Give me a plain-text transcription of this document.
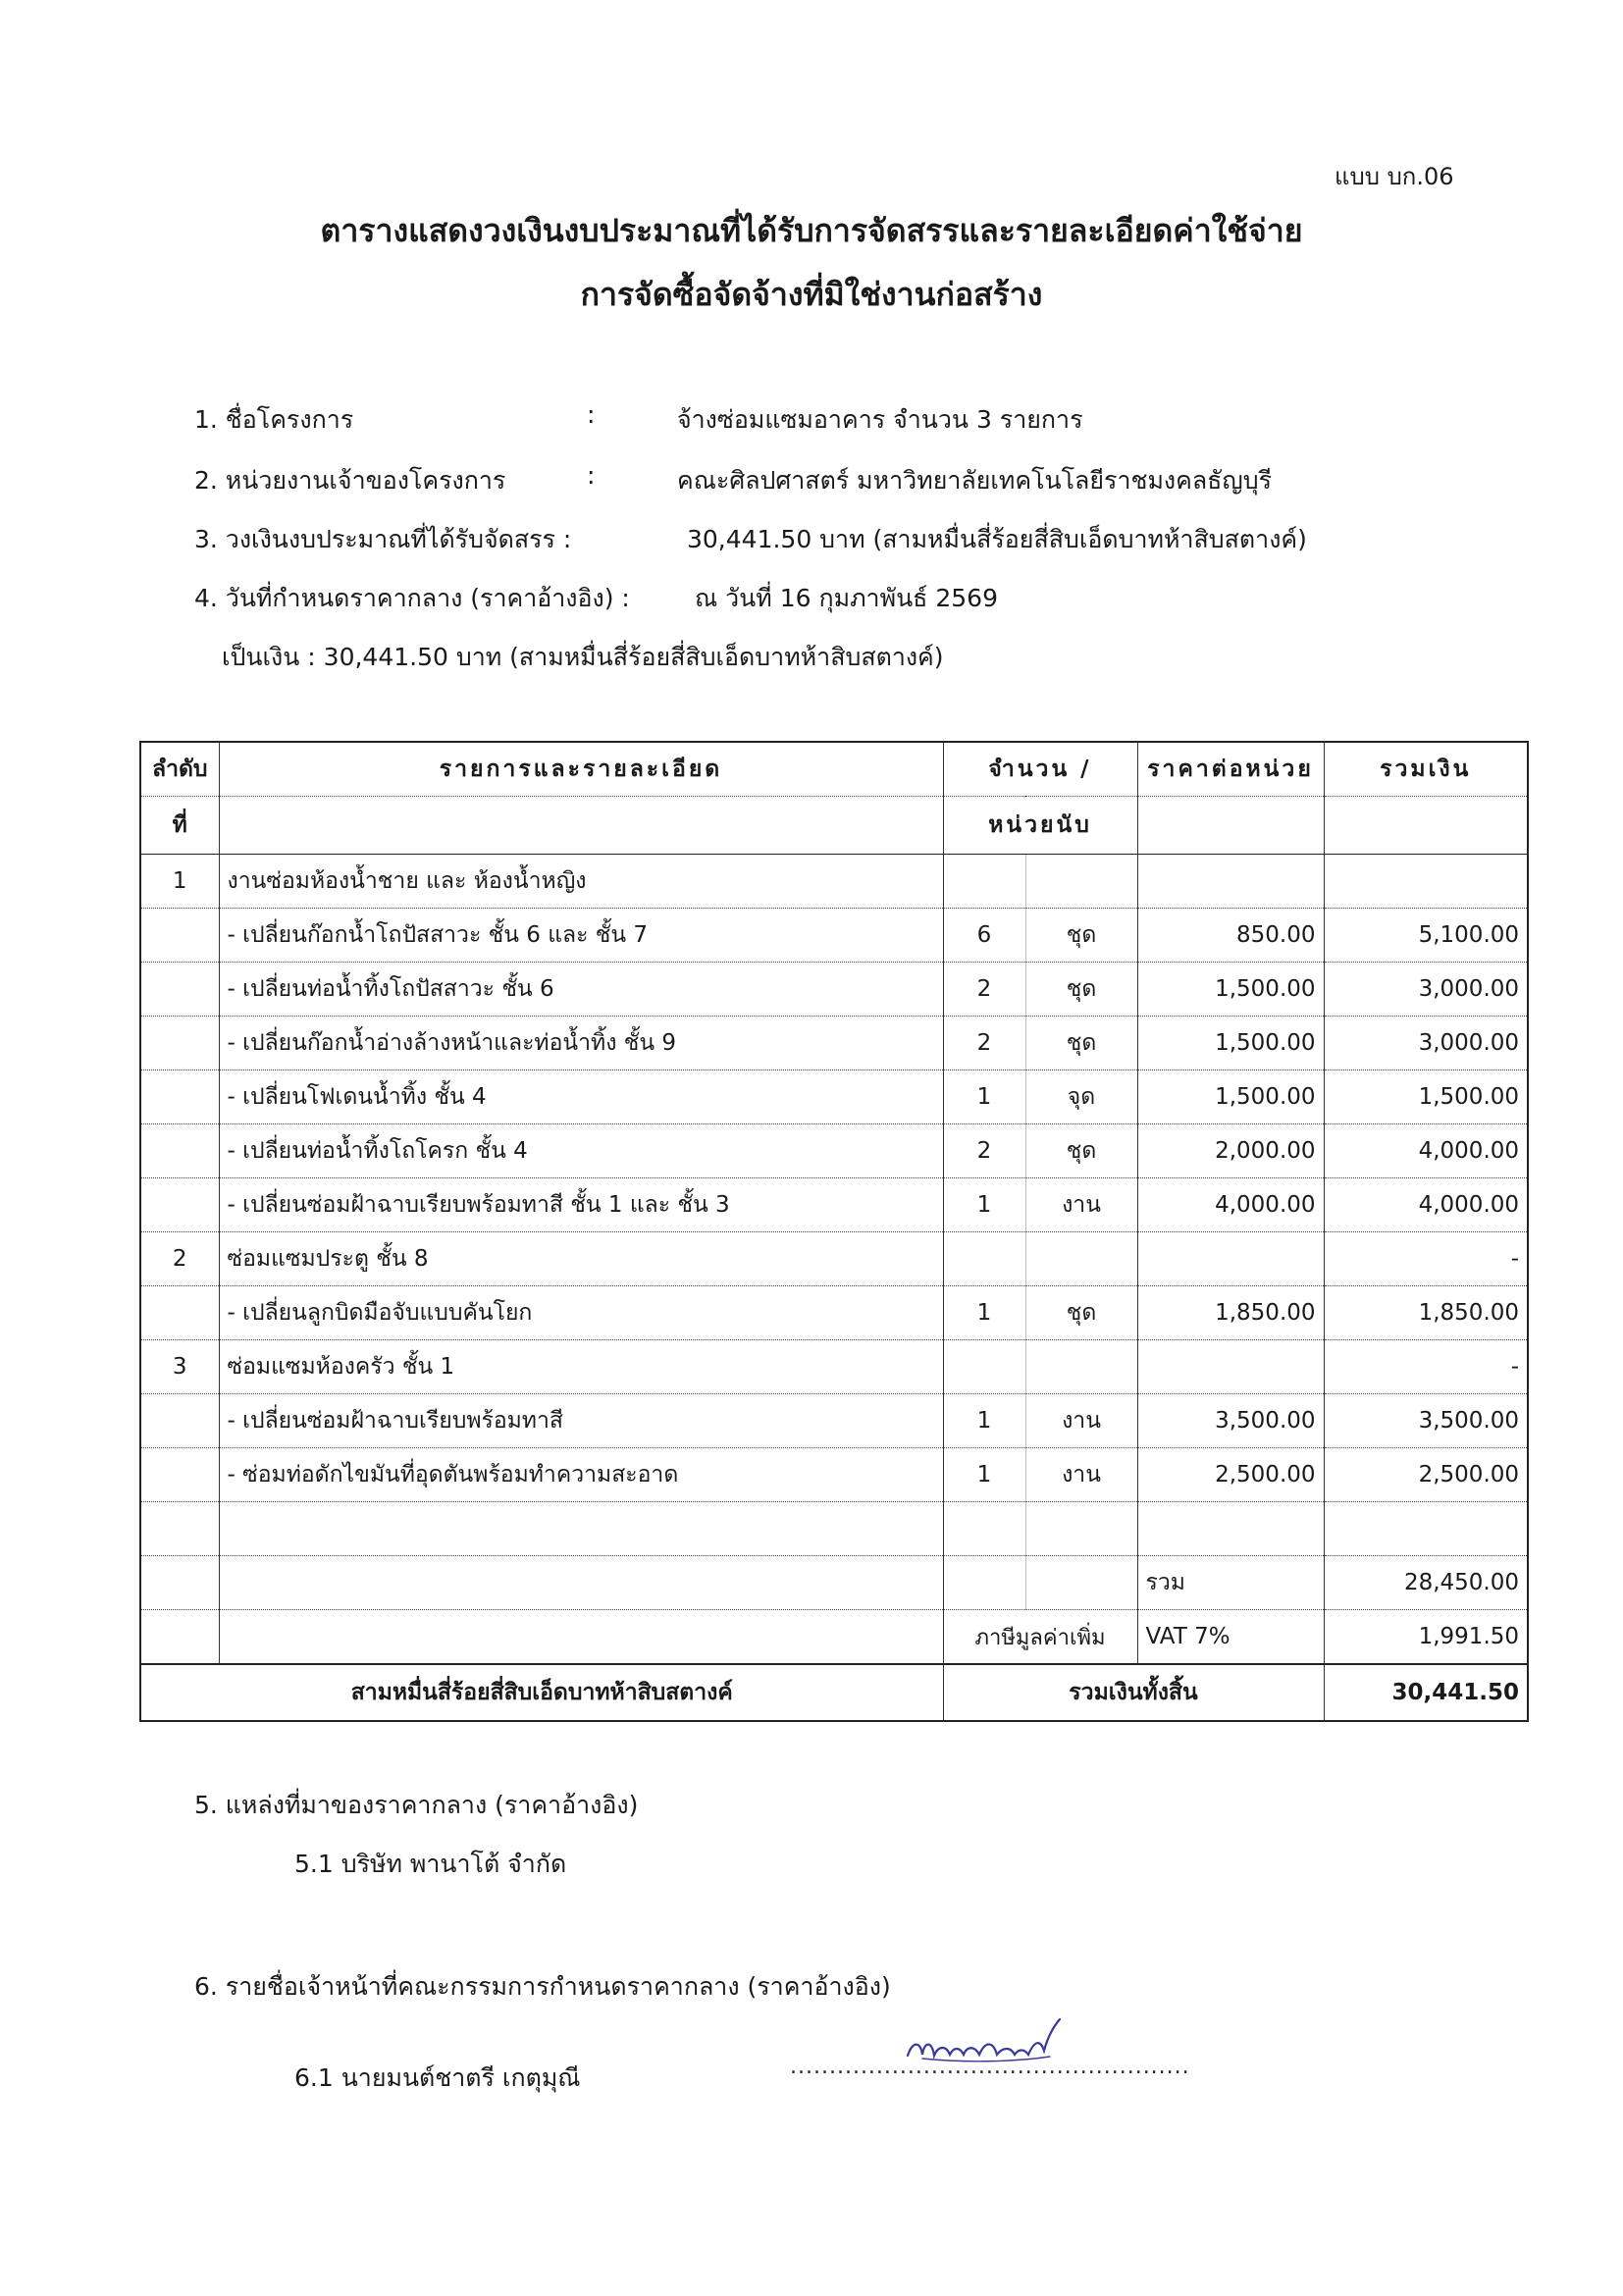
แบบ บก.06
ตารางแสดงวงเงินงบประมาณที่ได้รับการจัดสรรและรายละเอียดค่าใช้จ่าย
การจัดซื้อจัดจ้างที่มิใช่งานก่อสร้าง
1. ชื่อโครงการ	:	จ้างซ่อมแซมอาคาร จำนวน 3 รายการ
2. หน่วยงานเจ้าของโครงการ	:	คณะศิลปศาสตร์ มหาวิทยาลัยเทคโนโลยีราชมงคลธัญบุรี
3. วงเงินงบประมาณที่ได้รับจัดสรร :	30,441.50 บาท (สามหมื่นสี่ร้อยสี่สิบเอ็ดบาทห้าสิบสตางค์)
4. วันที่กำหนดราคากลาง (ราคาอ้างอิง) :	ณ วันที่ 16 กุมภาพันธ์ 2569
เป็นเงิน : 30,441.50 บาท (สามหมื่นสี่ร้อยสี่สิบเอ็ดบาทห้าสิบสตางค์)
ลำดับ	รายการและรายละเอียด	จำนวน /		ราคาต่อหน่วย	รวมเงิน
ที่		หน่วยนับ			
1	งานซ่อมห้องน้ำชาย และ ห้องน้ำหญิง				
	- เปลี่ยนก๊อกน้ำโถปัสสาวะ ชั้น 6 และ ชั้น 7	6	ชุด	850.00	5,100.00
	- เปลี่ยนท่อน้ำทิ้งโถปัสสาวะ ชั้น 6	2	ชุด	1,500.00	3,000.00
	- เปลี่ยนก๊อกน้ำอ่างล้างหน้าและท่อน้ำทิ้ง ชั้น 9	2	ชุด	1,500.00	3,000.00
	- เปลี่ยนโฟเดนน้ำทิ้ง ชั้น 4	1	จุด	1,500.00	1,500.00
	- เปลี่ยนท่อน้ำทิ้งโถโครก ชั้น 4	2	ชุด	2,000.00	4,000.00
	- เปลี่ยนซ่อมฝ้าฉาบเรียบพร้อมทาสี ชั้น 1 และ ชั้น 3	1	งาน	4,000.00	4,000.00
2	ซ่อมแซมประตู ชั้น 8				-
	- เปลี่ยนลูกบิดมือจับแบบคันโยก	1	ชุด	1,850.00	1,850.00
3	ซ่อมแซมห้องครัว ชั้น 1				-
	- เปลี่ยนซ่อมฝ้าฉาบเรียบพร้อมทาสี	1	งาน	3,500.00	3,500.00
	- ซ่อมท่อดักไขมันที่อุดตันพร้อมทำความสะอาด	1	งาน	2,500.00	2,500.00

				รวม	28,450.00
		ภาษีมูลค่าเพิ่ม		VAT 7%	1,991.50
สามหมื่นสี่ร้อยสี่สิบเอ็ดบาทห้าสิบสตางค์		รวมเงินทั้งสิ้น			30,441.50
5. แหล่งที่มาของราคากลาง (ราคาอ้างอิง)
5.1 บริษัท พานาโต้ จำกัด
6. รายชื่อเจ้าหน้าที่คณะกรรมการกำหนดราคากลาง (ราคาอ้างอิง)
6.1 นายมนต์ชาตรี เกตุมุณี	...................................................
